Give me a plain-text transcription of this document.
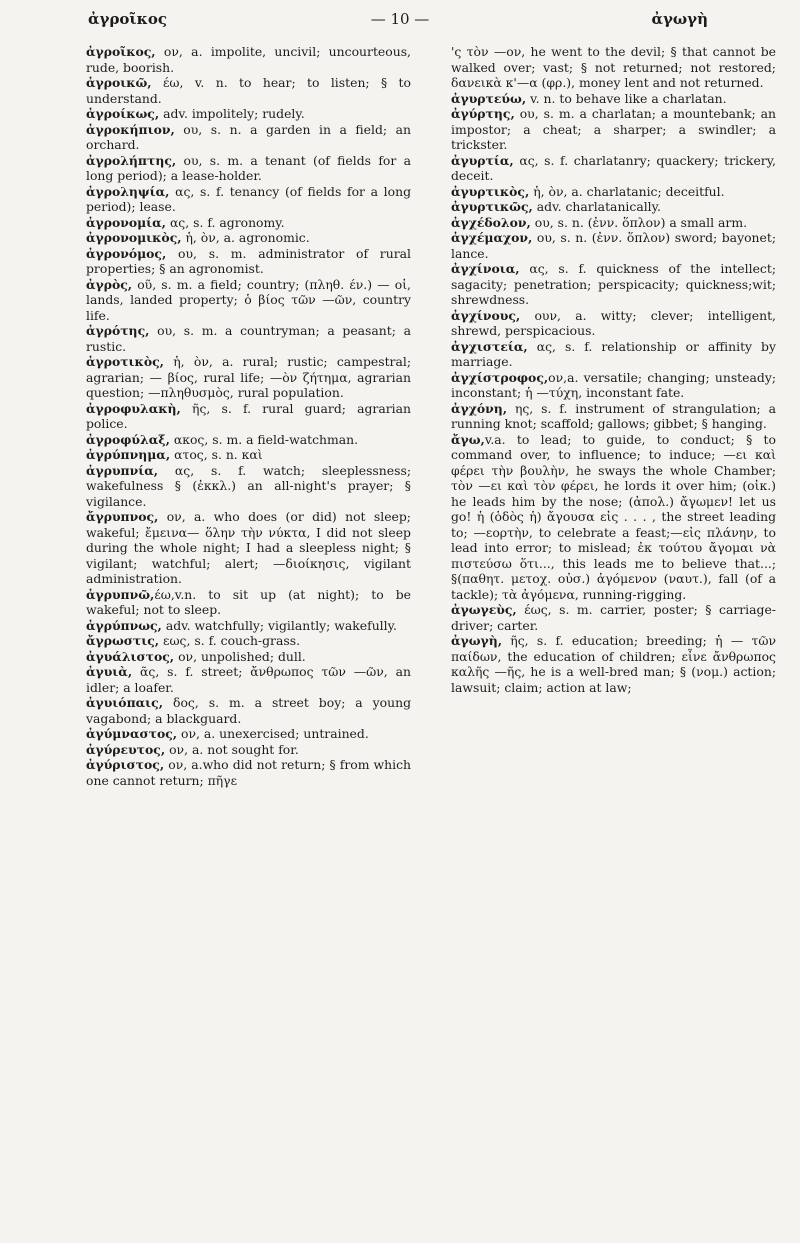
ἀγροῖκος	— 10 —	ἀγωγὴ

ἀγροῖκος, ον, a. impolite, uncivil; uncourteous, rude, boorish.

ἀγροικῶ, έω, v. n. to hear; to listen; § to understand.

ἀγροίκως, adv. impolitely; rudely.

ἀγροκήπιον, ου, s. n. a garden in a field; an orchard.

ἀγρολήπτης, ου, s. m. a tenant (of fields for a long period); a lease-holder.

ἀγροληψία, ας, s. f. tenancy (of fields for a long period); lease.

ἀγρονομία, ας, s. f. agronomy.

ἀγρονομικὸς, ἡ, ὸν, a. agronomic.

ἀγρονόμος, ου, s. m. administrator of rural properties; § an agronomist.

ἀγρὸς, οῦ, s. m. a field; country; (πληθ. έν.) — οἱ, lands, landed property; ὁ βίος τῶν —ῶν, country life.

ἀγρότης, ου, s. m. a countryman; a peasant; a rustic.

ἀγροτικὸς, ἡ, ὸν, a. rural; rustic; campestral; agrarian; — βίος, rural life; —ὸν ζήτημα, agrarian question; —πληθυσμὸς, rural population.

ἀγροφυλακὴ, ῆς, s. f. rural guard; agrarian police.

ἀγροφύλαξ, ακος, s. m. a field-watchman.

ἀγρύπνημα, ατος, s. n. καὶ

ἀγρυπνία, ας, s. f. watch; sleeplessness; wakefulness § (ἐκκλ.) an all-night's prayer; § vigilance.

ἄγρυπνος, ον, a. who does (or did) not sleep; wakeful; ἔμεινα— ὅλην τὴν νύκτα, I did not sleep during the whole night; I had a sleepless night; § vigilant; watchful; alert; —διοίκησις, vigilant administration.

ἀγρυπνῶ,έω,v.n. to sit up (at night); to be wakeful; not to sleep.

ἀγρύπνως, adv. watchfully; vigilantly; wakefully.

ἄγρωστις, εως, s. f. couch-grass.

ἀγυάλιστος, ον, unpolished; dull.

ἀγυιὰ, ᾶς, s. f. street; ἄνθρωπος τῶν —ῶν, an idler; a loafer.

ἀγυιόπαις, δος, s. m. a street boy; a young vagabond; a blackguard.

ἀγύμναστος, ον, a. unexercised; untrained.

ἀγύρευτος, ον, a. not sought for.

ἀγύριστος, ον, a.who did not return; § from which one cannot return; πῆγε

'ς τὸν —ον, he went to the devil; § that cannot be walked over; vast; § not returned; not restored; δανεικὰ κ'—α (φρ.), money lent and not returned.

ἀγυρτεύω, v. n. to behave like a charlatan.

ἀγύρτης, ου, s. m. a charlatan; a mountebank; an impostor; a cheat; a sharper; a swindler; a trickster.

ἀγυρτία, ας, s. f. charlatanry; quackery; trickery, deceit.

ἀγυρτικὸς, ἡ, ὸν, a. charlatanic; deceitful.

ἀγυρτικῶς, adv. charlatanically.

ἀγχέδολον, ου, s. n. (ἐνν. ὅπλον) a small arm.

ἀγχέμαχον, ου, s. n. (ἐνν. ὅπλον) sword; bayonet; lance.

ἀγχίνοια, ας, s. f. quickness of the intellect; sagacity; penetration; perspicacity; quickness;wit; shrewdness.

ἀγχίνους, ουν, a. witty; clever; intelligent, shrewd, perspicacious.

ἀγχιστεία, ας, s. f. relationship or affinity by marriage.

ἀγχίστροφος,ον,a. versatile; changing; unsteady; inconstant; ἡ —τύχη, inconstant fate.

ἀγχόνη, ης, s. f. instrument of strangulation; a running knot; scaffold; gallows; gibbet; § hanging.

ἄγω,v.a. to lead; to guide, to conduct; § to command over, to influence; to induce; —ει καὶ φέρει τὴν βουλὴν, he sways the whole Chamber; τὸν —ει καὶ τὸν φέρει, he lords it over him; (οἰκ.) he leads him by the nose; (ἀπολ.) ἄγωμεν! let us go! ἡ (ὁδὸς ἡ) ἄγουσα εἰς . . . , the street leading to; —εορτὴν, to celebrate a feast;—εἰς πλάνην, to lead into error; to mislead; ἐκ τούτου ἄγομαι νὰ πιστεύσω ὅτι..., this leads me to believe that...; §(παθητ. μετοχ. οὐσ.) ἀγόμενον (ναυτ.), fall (of a tackle); τὰ ἀγόμενα, running-rigging.

ἀγωγεὺς, έως, s. m. carrier, poster; § carriage-driver; carter.

ἀγωγὴ, ῆς, s. f. education; breeding; ἡ — τῶν παίδων, the education of children; εἶνε ἄνθρωπος καλῆς —ῆς, he is a well-bred man; § (νομ.) action; lawsuit; claim; action at law;
